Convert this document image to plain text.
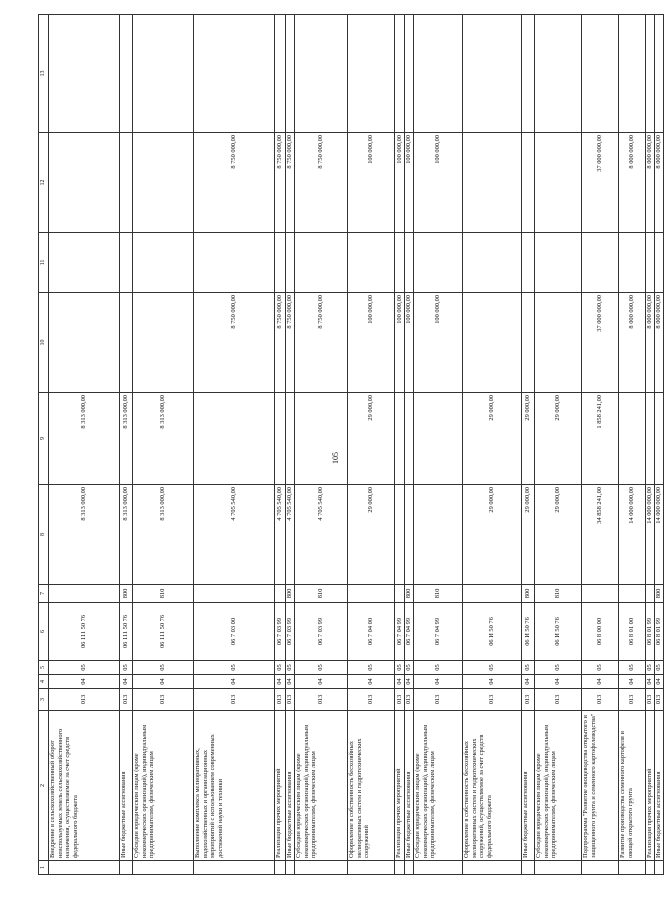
105
1	2	3	4	5	6	7	8	9	10	11	12	13
	Внедрение в сельскохозяйственный оборот неиспользуемых земель сельскохозяйственного назначения, осуществляемое за счет средств федерального бюджета	013	04	05	06 111 50 76		8 313 000,00	8 313 000,00				
	Иные бюджетные ассигнования	013	04	05	06 111 50 76	800	8 313 000,00	8 313 000,00				
	Субсидии юридическим лицам (кроме некоммерческих организаций), индивидуальным предпринимателям, физическим лицам	013	04	05	06 111 50 76	810	8 313 000,00	8 313 000,00				
	Выполнение комплекса мелиоративных, водохозяйственных и организационных мероприятий с использованием современных достижений науки и техники	013	04	05	06 7 03 00		4 705 540,00		8 750 000,00		8 750 000,00	
	Реализация прочих мероприятий	013	04	05	06 7 03 99		4 705 540,00		8 750 000,00		8 750 000,00	
	Иные бюджетные ассигнования	013	04	05	06 7 03 99	800	4 705 540,00		8 750 000,00		8 750 000,00	
	Субсидии юридическим лицам (кроме некоммерческих организаций), индивидуальным предпринимателям, физическим лицам	013	04	05	06 7 03 99	810	4 705 540,00		8 750 000,00		8 750 000,00	
	Оформление в собственность бесхозяйных мелиоративных систем и гидротехнических сооружений	013	04	05	06 7 04 00		29 000,00	29 000,00	100 000,00		100 000,00	
	Реализация прочих мероприятий	013	04	05	06 7 04 99				100 000,00		100 000,00	
	Иные бюджетные ассигнования	013	04	05	06 7 04 99	800			100 000,00		100 000,00	
	Субсидии юридическим лицам (кроме некоммерческих организаций), индивидуальным предпринимателям, физическим лицам	013	04	05	06 7 04 99	810			100 000,00		100 000,00	
	Оформление в собственность бесхозяйных мелиоративных систем и гидротехнических сооружений, осуществляемое за счет средств федерального бюджета	013	04	05	06 И 50 76		29 000,00	29 000,00				
	Иные бюджетные ассигнования	013	04	05	06 И 50 76	800	29 000,00	29 000,00				
	Субсидии юридическим лицам (кроме некоммерческих организаций), индивидуальным предпринимателям, физическим лицам	013	04	05	06 И 50 76	810	29 000,00	29 000,00				
	Подпрограмма "Развитие овощеводства открытого и защищенного грунта и семенного картофелеводства"	013	04	05	06 8 00 00		34 858 241,00	1 858 241,00	37 000 000,00		37 000 000,00	
	Развитие производства семенного картофеля и овощей открытого грунта	013	04	05	06 8 01 00		14 000 000,00		8 000 000,00		8 000 000,00	
	Реализация прочих мероприятий	013	04	05	06 8 01 99		14 000 000,00		8 000 000,00		8 000 000,00	
	Иные бюджетные ассигнования	013	04	05	06 8 01 99	800	14 000 000,00		8 000 000,00		8 000 000,00	
